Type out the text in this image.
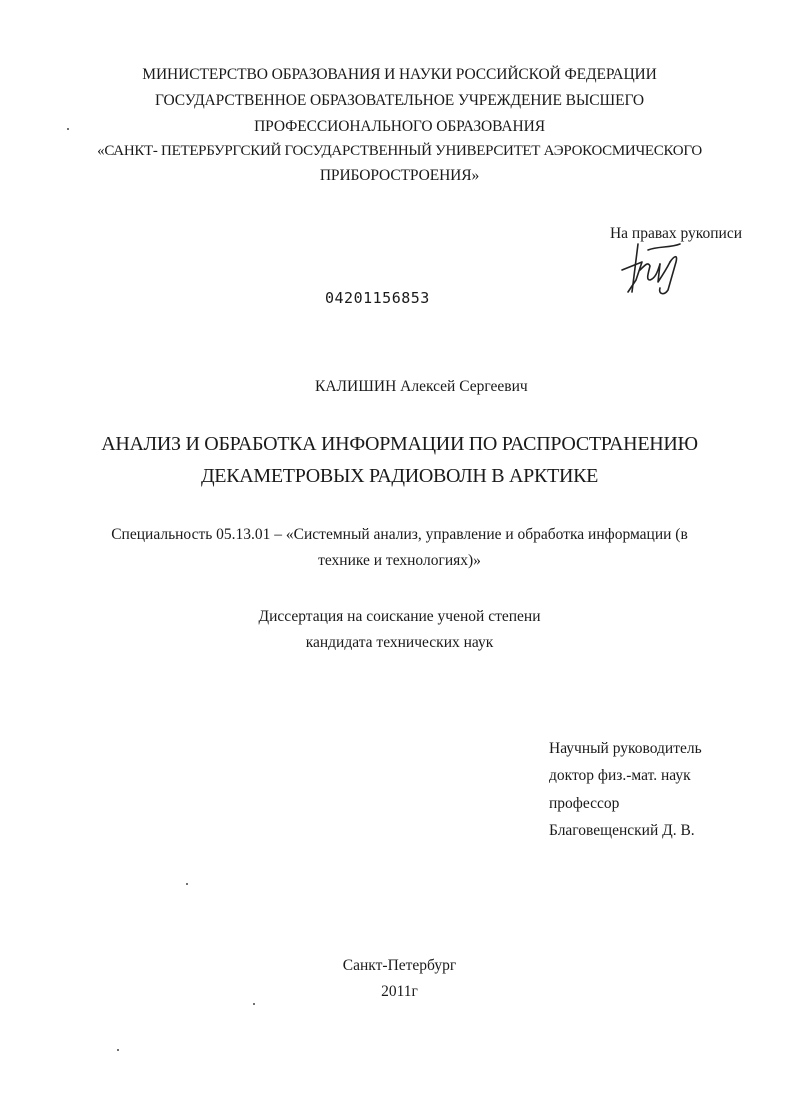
МИНИСТЕРСТВО ОБРАЗОВАНИЯ И НАУКИ РОССИЙСКОЙ ФЕДЕРАЦИИ
ГОСУДАРСТВЕННОЕ ОБРАЗОВАТЕЛЬНОЕ УЧРЕЖДЕНИЕ ВЫСШЕГО
ПРОФЕССИОНАЛЬНОГО ОБРАЗОВАНИЯ
«САНКТ- ПЕТЕРБУРГСКИЙ ГОСУДАРСТВЕННЫЙ УНИВЕРСИТЕТ АЭРОКОСМИЧЕСКОГО
ПРИБОРОСТРОЕНИЯ»
На правах рукописи
04201156853
КАЛИШИН Алексей Сергеевич
АНАЛИЗ И ОБРАБОТКА ИНФОРМАЦИИ ПО РАСПРОСТРАНЕНИЮ
ДЕКАМЕТРОВЫХ РАДИОВОЛН В АРКТИКЕ
Специальность 05.13.01 – «Системный анализ, управление и обработка информации (в
технике и технологиях)»
Диссертация на соискание ученой степени
кандидата технических наук
Научный руководитель
доктор физ.-мат. наук
профессор
Благовещенский Д. В.
Санкт-Петербург
2011г
